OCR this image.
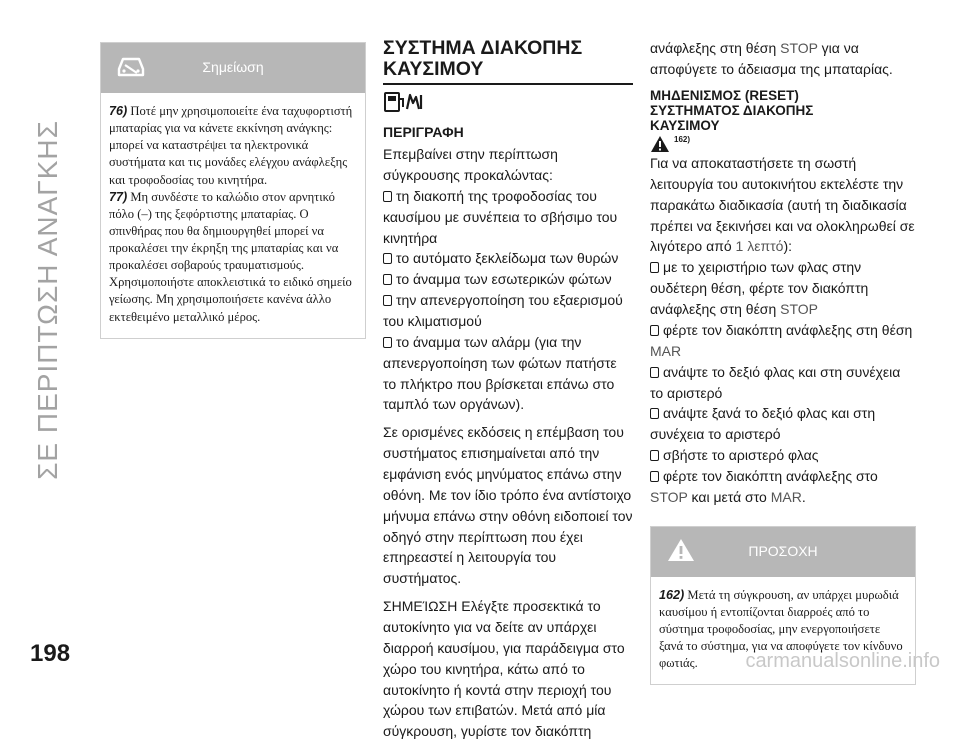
ΣΕ ΠΕΡΙΠΤΩΣΗ ΑΝΑΓΚΗΣ
Σημείωση

76) Ποτέ μην χρησιμοποιείτε ένα ταχυφορτιστή μπαταρίας για να κάνετε εκκίνηση ανάγκης: μπορεί να καταστρέψει τα ηλεκτρονικά συστήματα και τις μονάδες ελέγχου ανάφλεξης και τροφοδοσίας του κινητήρα.

77) Μη συνδέστε το καλώδιο στον αρνητικό πόλο (–) της ξεφόρτιστης μπαταρίας. Ο σπινθήρας που θα δημιουργηθεί μπορεί να προκαλέσει την έκρηξη της μπαταρίας και να προκαλέσει σοβαρούς τραυματισμούς. Χρησιμοποιήστε αποκλειστικά το ειδικό σημείο γείωσης. Μη χρησιμοποιήσετε κανένα άλλο εκτεθειμένο μεταλλικό μέρος.

ΣΥΣΤΗΜΑ ΔΙΑΚΟΠΗΣ
ΚΑΥΣΙΜΟΥ
ΠΕΡΙΓΡΑΦΗ

Επεμβαίνει στην περίπτωση σύγκρουσης προκαλώντας:

τη διακοπή της τροφοδοσίας του καυσίμου με συνέπεια το σβήσιμο του κινητήρα

το αυτόματο ξεκλείδωμα των θυρών

το άναμμα των εσωτερικών φώτων

την απενεργοποίηση του εξαερισμού του κλιματισμού

το άναμμα των αλάρμ (για την απενεργοποίηση των φώτων πατήστε το πλήκτρο που βρίσκεται επάνω στο ταμπλό των οργάνων).

Σε ορισμένες εκδόσεις η επέμβαση του συστήματος επισημαίνεται από την εμφάνιση ενός μηνύματος επάνω στην οθόνη. Με τον ίδιο τρόπο ένα αντίστοιχο μήνυμα επάνω στην οθόνη ειδοποιεί τον οδηγό στην περίπτωση που έχει επηρεαστεί η λειτουργία του συστήματος.

ΣΗΜΕΊΩΣΗ Ελέγξτε προσεκτικά το αυτοκίνητο για να δείτε αν υπάρχει διαρροή καυσίμου, για παράδειγμα στο χώρο του κινητήρα, κάτω από το αυτοκίνητο ή κοντά στην περιοχή του χώρου των επιβατών. Μετά από μία σύγκρουση, γυρίστε τον διακόπτη

ανάφλεξης στη θέση STOP για να αποφύγετε το άδειασμα της μπαταρίας.

ΜΗΔΕΝΙΣΜΟΣ (RESET)
ΣΥΣΤΗΜΑΤΟΣ ΔΙΑΚΟΠΗΣ
ΚΑΥΣΙΜΟΥ
162)

Για να αποκαταστήσετε τη σωστή λειτουργία του αυτοκινήτου εκτελέστε την παρακάτω διαδικασία (αυτή τη διαδικασία πρέπει να ξεκινήσει και να ολοκληρωθεί σε λιγότερο από 1 λεπτό):

με το χειριστήριο των φλας στην ουδέτερη θέση, φέρτε τον διακόπτη ανάφλεξης στη θέση STOP

φέρτε τον διακόπτη ανάφλεξης στη θέση MAR

ανάψτε το δεξιό φλας και στη συνέχεια το αριστερό

ανάψτε ξανά το δεξιό φλας και στη συνέχεια το αριστερό

σβήστε το αριστερό φλας

φέρτε τον διακόπτη ανάφλεξης στο STOP και μετά στο MAR.

ΠΡΟΣΟΧΗ

162) Μετά τη σύγκρουση, αν υπάρχει μυρωδιά καυσίμου ή εντοπίζονται διαρροές από το σύστημα τροφοδοσίας, μην ενεργοποιήσετε ξανά το σύστημα, για να αποφύγετε τον κίνδυνο φωτιάς.

198	carmanualsonline.info
